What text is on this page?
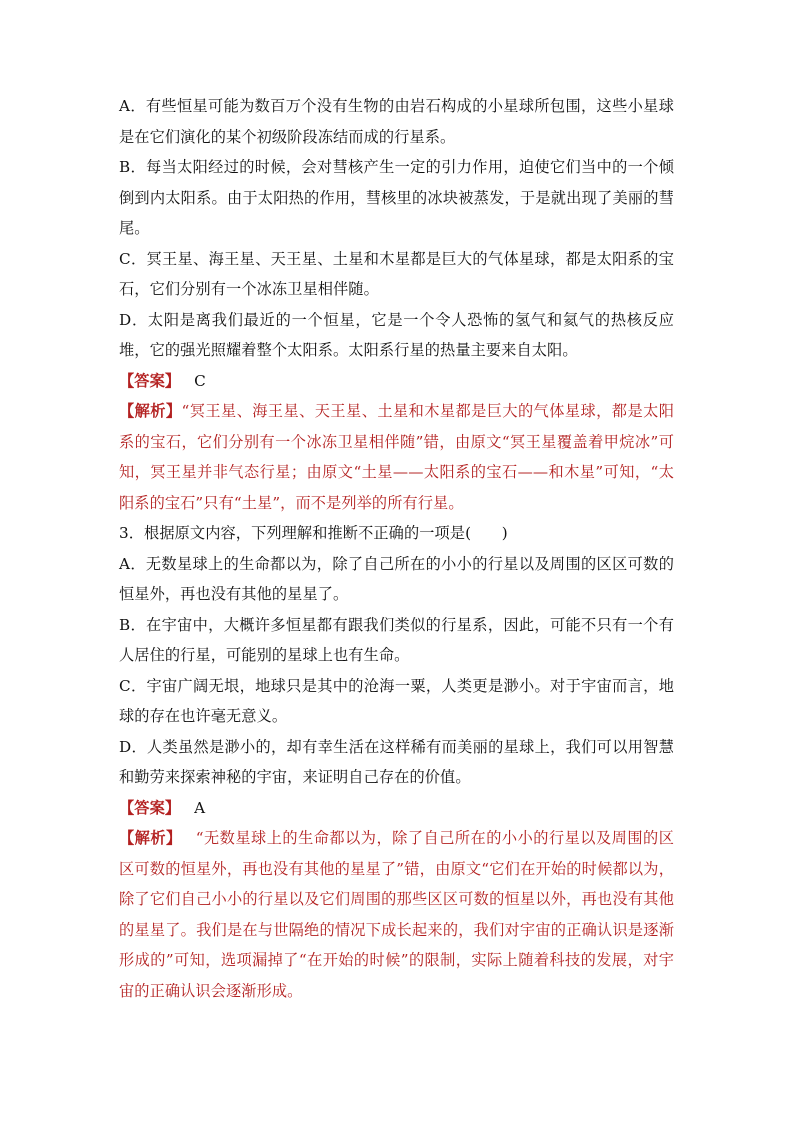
A．有些恒星可能为数百万个没有生物的由岩石构成的小星球所包围，这些小星球是在它们演化的某个初级阶段冻结而成的行星系。

B．每当太阳经过的时候，会对彗核产生一定的引力作用，迫使它们当中的一个倾倒到内太阳系。由于太阳热的作用，彗核里的冰块被蒸发，于是就出现了美丽的彗尾。

C．冥王星、海王星、天王星、土星和木星都是巨大的气体星球，都是太阳系的宝石，它们分别有一个冰冻卫星相伴随。

D．太阳是离我们最近的一个恒星，它是一个令人恐怖的氢气和氦气的热核反应堆，它的强光照耀着整个太阳系。太阳系行星的热量主要来自太阳。

【答案】 C

【解析】“冥王星、海王星、天王星、土星和木星都是巨大的气体星球，都是太阳系的宝石，它们分别有一个冰冻卫星相伴随”错，由原文“冥王星覆盖着甲烷冰”可知，冥王星并非气态行星；由原文“土星——太阳系的宝石——和木星”可知，“太阳系的宝石”只有“土星”，而不是列举的所有行星。

3．根据原文内容，下列理解和推断不正确的一项是(　　)

A．无数星球上的生命都以为，除了自己所在的小小的行星以及周围的区区可数的恒星外，再也没有其他的星星了。

B．在宇宙中，大概许多恒星都有跟我们类似的行星系，因此，可能不只有一个有人居住的行星，可能别的星球上也有生命。

C．宇宙广阔无垠，地球只是其中的沧海一粟，人类更是渺小。对于宇宙而言，地球的存在也许毫无意义。

D．人类虽然是渺小的，却有幸生活在这样稀有而美丽的星球上，我们可以用智慧和勤劳来探索神秘的宇宙，来证明自己存在的价值。

【答案】 A

【解析】 “无数星球上的生命都以为，除了自己所在的小小的行星以及周围的区区可数的恒星外，再也没有其他的星星了”错，由原文“它们在开始的时候都以为，除了它们自己小小的行星以及它们周围的那些区区可数的恒星以外，再也没有其他的星星了。我们是在与世隔绝的情况下成长起来的，我们对宇宙的正确认识是逐渐形成的”可知，选项漏掉了“在开始的时候”的限制，实际上随着科技的发展，对宇宙的正确认识会逐渐形成。
